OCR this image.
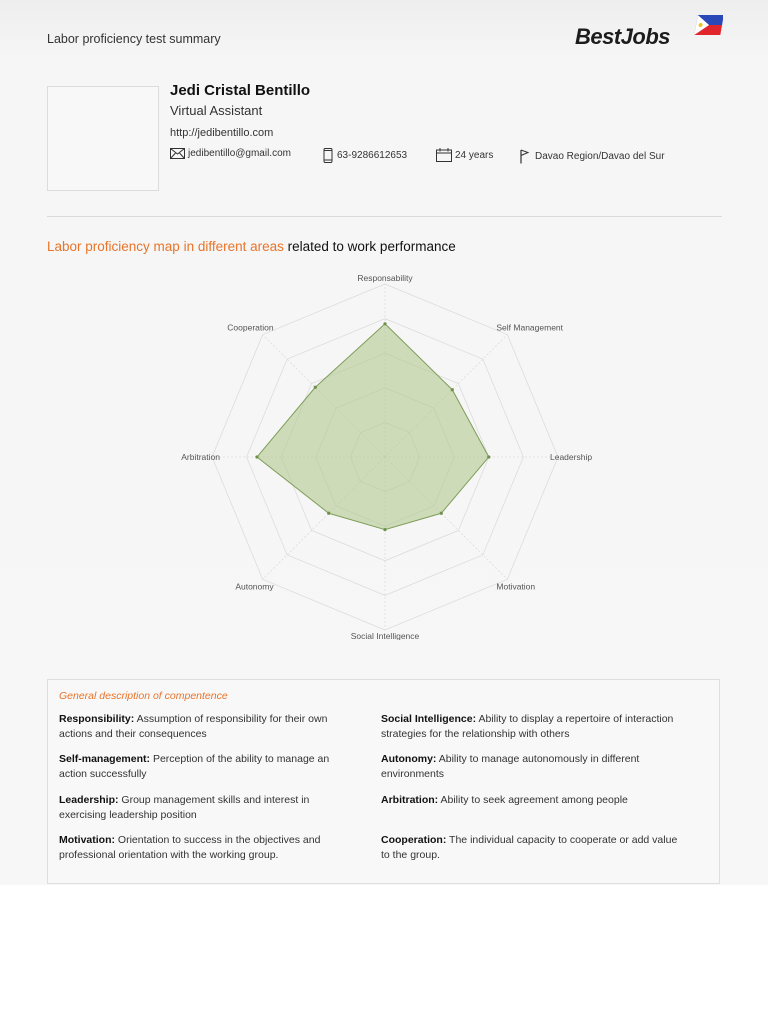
Labor proficiency test summary	BestJobs
Jedi Cristal Bentillo
Virtual Assistant
http://jedibentillo.com
jedibentillo@gmail.com	63-9286612653	24 years	Davao Region/Davao del Sur
Labor proficiency map in different areas related to work performance
Responsability
Self Management
Leadership
Motivation
Social Intelligence
Autonomy
Arbitration
Cooperation
General description of compentence
Responsibility: Assumption of responsibility for their own actions and their consequences
Self-management: Perception of the ability to manage an action successfully
Leadership: Group management skills and interest in exercising leadership position
Motivation: Orientation to success in the objectives and professional orientation with the working group.
Social Intelligence: Ability to display a repertoire of interaction strategies for the relationship with others
Autonomy: Ability to manage autonomously in different environments
Arbitration: Ability to seek agreement among people
Cooperation: The individual capacity to cooperate or add value to the group.
